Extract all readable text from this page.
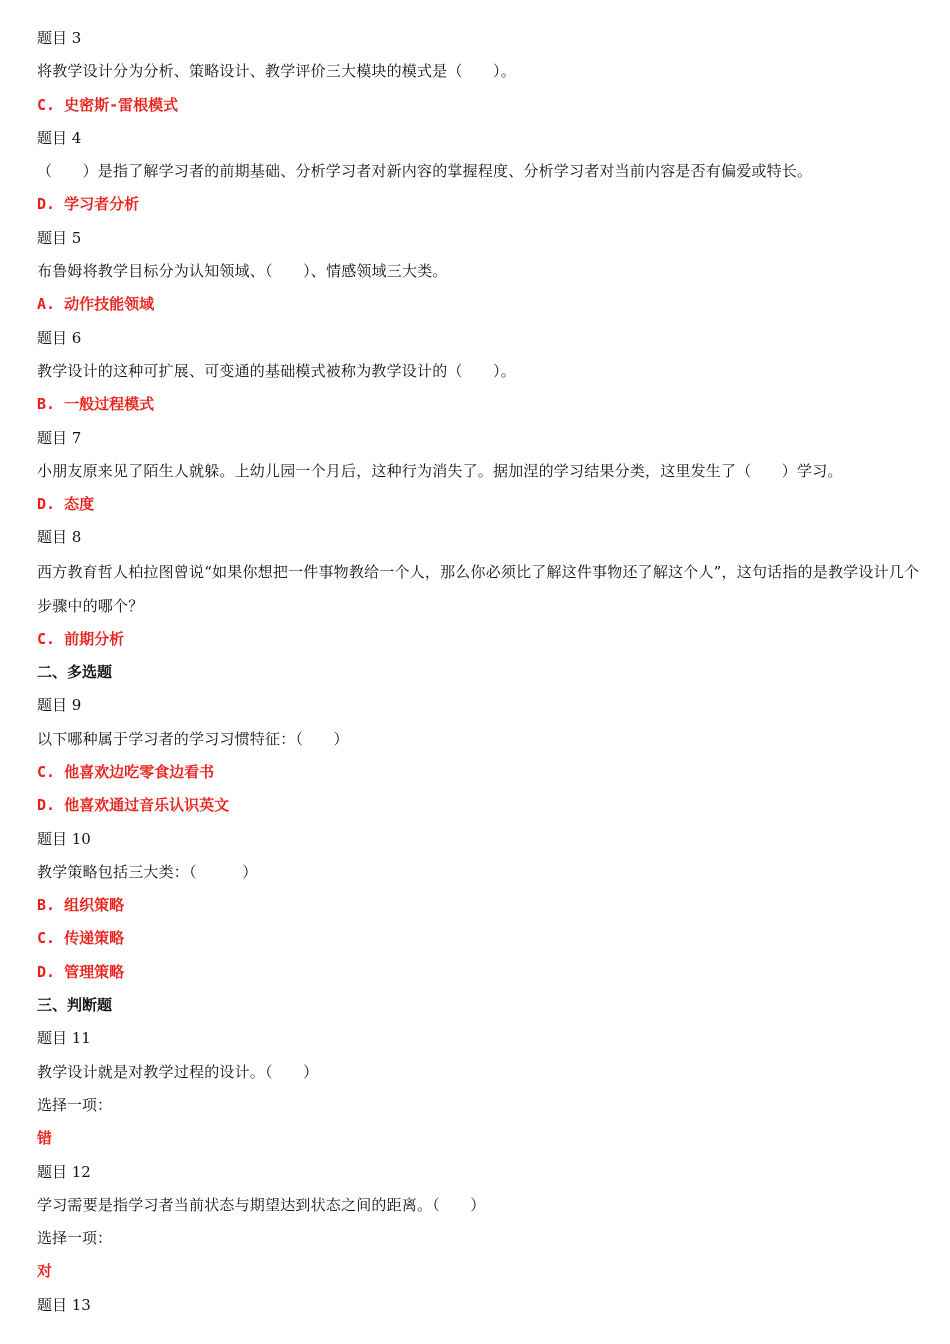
题目 3
将教学设计分为分析、策略设计、教学评价三大模块的模式是（　　）。
C. 史密斯-雷根模式
题目 4
（　　）是指了解学习者的前期基础、分析学习者对新内容的掌握程度、分析学习者对当前内容是否有偏爱或特长。
D. 学习者分析
题目 5
布鲁姆将教学目标分为认知领域、（　　）、情感领域三大类。
A. 动作技能领域
题目 6
教学设计的这种可扩展、可变通的基础模式被称为教学设计的（　　）。
B. 一般过程模式
题目 7
小朋友原来见了陌生人就躲。上幼儿园一个月后，这种行为消失了。据加涅的学习结果分类，这里发生了（　　）学习。
D. 态度
题目 8
西方教育哲人柏拉图曾说“如果你想把一件事物教给一个人，那么你必须比了解这件事物还了解这个人”，这句话指的是教学设计几个步骤中的哪个？
C. 前期分析
二、多选题
题目 9
以下哪种属于学习者的学习习惯特征：（　　）
C. 他喜欢边吃零食边看书
D. 他喜欢通过音乐认识英文
题目 10
教学策略包括三大类：（　　　）
B. 组织策略
C. 传递策略
D. 管理策略
三、判断题
题目 11
教学设计就是对教学过程的设计。（　　）
选择一项：
错
题目 12
学习需要是指学习者当前状态与期望达到状态之间的距离。（　　）
选择一项：
对
题目 13
